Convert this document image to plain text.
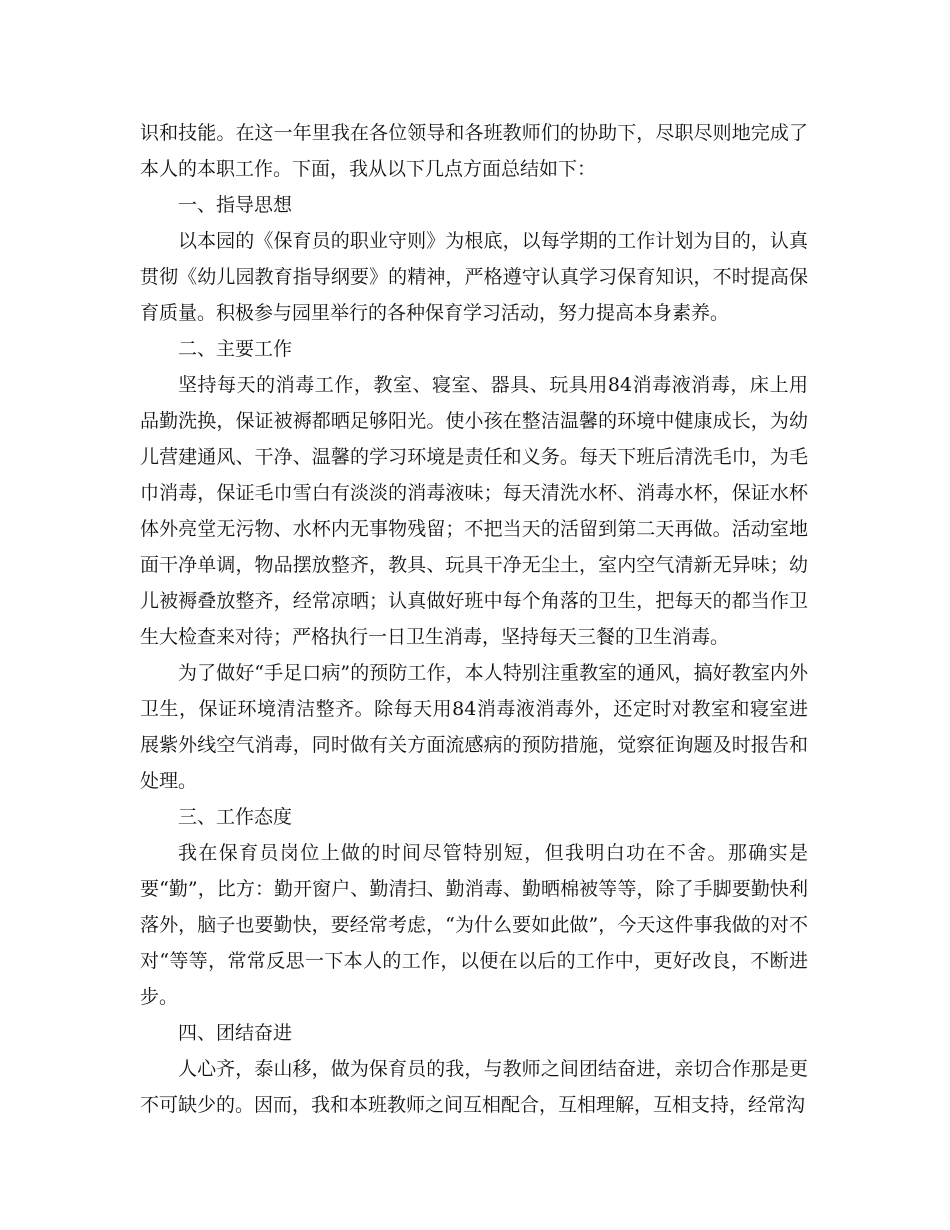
识和技能。在这一年里我在各位领导和各班教师们的协助下，尽职尽则地完成了本人的本职工作。下面，我从以下几点方面总结如下：

一、指导思想

以本园的《保育员的职业守则》为根底，以每学期的工作计划为目的，认真贯彻《幼儿园教育指导纲要》的精神，严格遵守认真学习保育知识，不时提高保育质量。积极参与园里举行的各种保育学习活动，努力提高本身素养。

二、主要工作

坚持每天的消毒工作，教室、寝室、器具、玩具用84消毒液消毒，床上用品勤洗换，保证被褥都晒足够阳光。使小孩在整洁温馨的环境中健康成长，为幼儿营建通风、干净、温馨的学习环境是责任和义务。每天下班后清洗毛巾，为毛巾消毒，保证毛巾雪白有淡淡的消毒液味；每天清洗水杯、消毒水杯，保证水杯体外亮堂无污物、水杯内无事物残留；不把当天的活留到第二天再做。活动室地面干净单调，物品摆放整齐，教具、玩具干净无尘土，室内空气清新无异味；幼儿被褥叠放整齐，经常凉晒；认真做好班中每个角落的卫生，把每天的都当作卫生大检查来对待；严格执行一日卫生消毒，坚持每天三餐的卫生消毒。

为了做好“手足口病”的预防工作，本人特别注重教室的通风，搞好教室内外卫生，保证环境清洁整齐。除每天用84消毒液消毒外，还定时对教室和寝室进展紫外线空气消毒，同时做有关方面流感病的预防措施，觉察征询题及时报告和处理。

三、工作态度

我在保育员岗位上做的时间尽管特别短，但我明白功在不舍。那确实是要“勤”，比方：勤开窗户、勤清扫、勤消毒、勤晒棉被等等，除了手脚要勤快利落外，脑子也要勤快，要经常考虑，“为什么要如此做”，今天这件事我做的对不对“等等，常常反思一下本人的工作，以便在以后的工作中，更好改良，不断进步。

四、团结奋进

人心齐，泰山移，做为保育员的我，与教师之间团结奋进，亲切合作那是更不可缺少的。因而，我和本班教师之间互相配合，互相理解，互相支持，经常沟
